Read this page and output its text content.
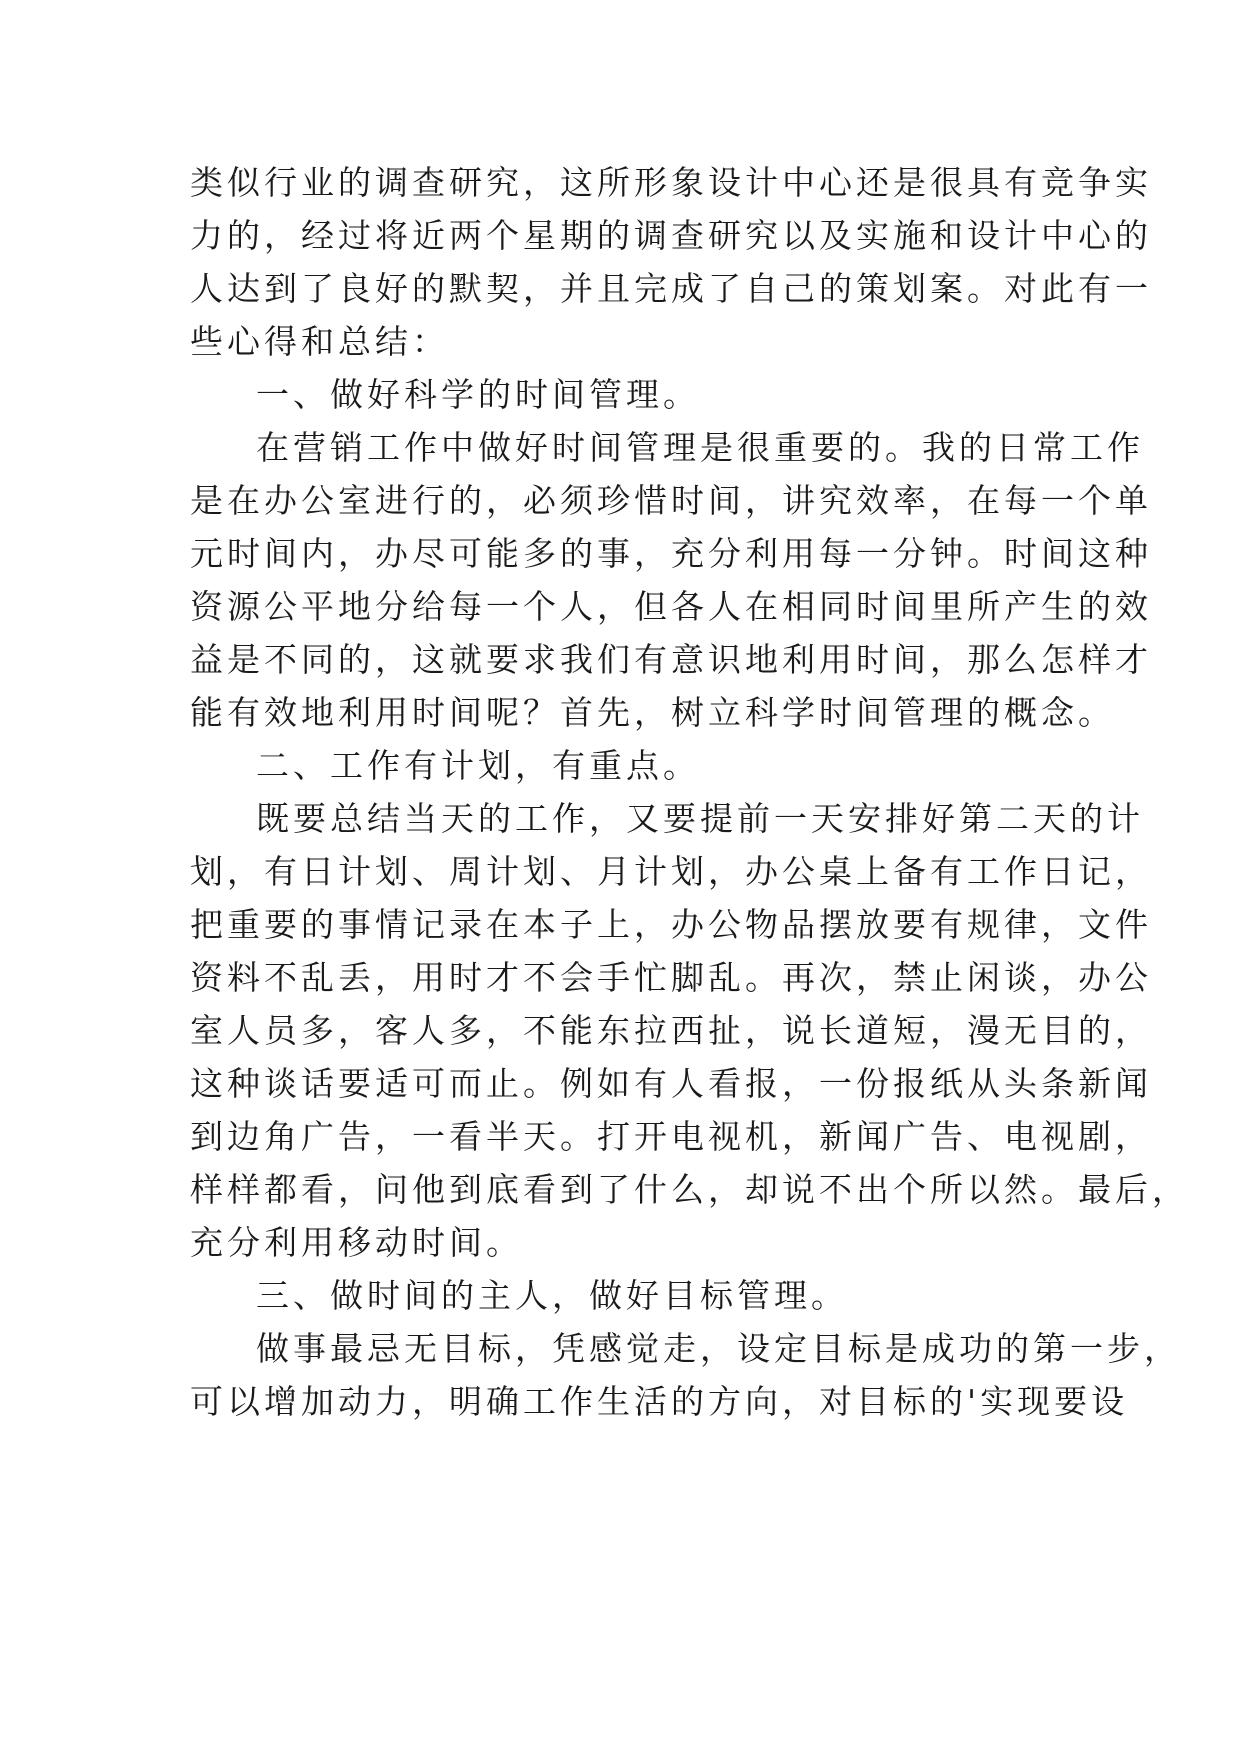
类似行业的调查研究，这所形象设计中心还是很具有竞争实
力的，经过将近两个星期的调查研究以及实施和设计中心的
人达到了良好的默契，并且完成了自己的策划案。对此有一
些心得和总结：
一、做好科学的时间管理。
在营销工作中做好时间管理是很重要的。我的日常工作
是在办公室进行的，必须珍惜时间，讲究效率，在每一个单
元时间内，办尽可能多的事，充分利用每一分钟。时间这种
资源公平地分给每一个人，但各人在相同时间里所产生的效
益是不同的，这就要求我们有意识地利用时间，那么怎样才
能有效地利用时间呢？首先，树立科学时间管理的概念。
二、工作有计划，有重点。
既要总结当天的工作，又要提前一天安排好第二天的计
划，有日计划、周计划、月计划，办公桌上备有工作日记，
把重要的事情记录在本子上，办公物品摆放要有规律，文件
资料不乱丢，用时才不会手忙脚乱。再次，禁止闲谈，办公
室人员多，客人多，不能东拉西扯，说长道短，漫无目的，
这种谈话要适可而止。例如有人看报，一份报纸从头条新闻
到边角广告，一看半天。打开电视机，新闻广告、电视剧，
样样都看，问他到底看到了什么，却说不出个所以然。最后，
充分利用移动时间。
三、做时间的主人，做好目标管理。
做事最忌无目标，凭感觉走，设定目标是成功的第一步，
可以增加动力，明确工作生活的方向，对目标的'实现要设
